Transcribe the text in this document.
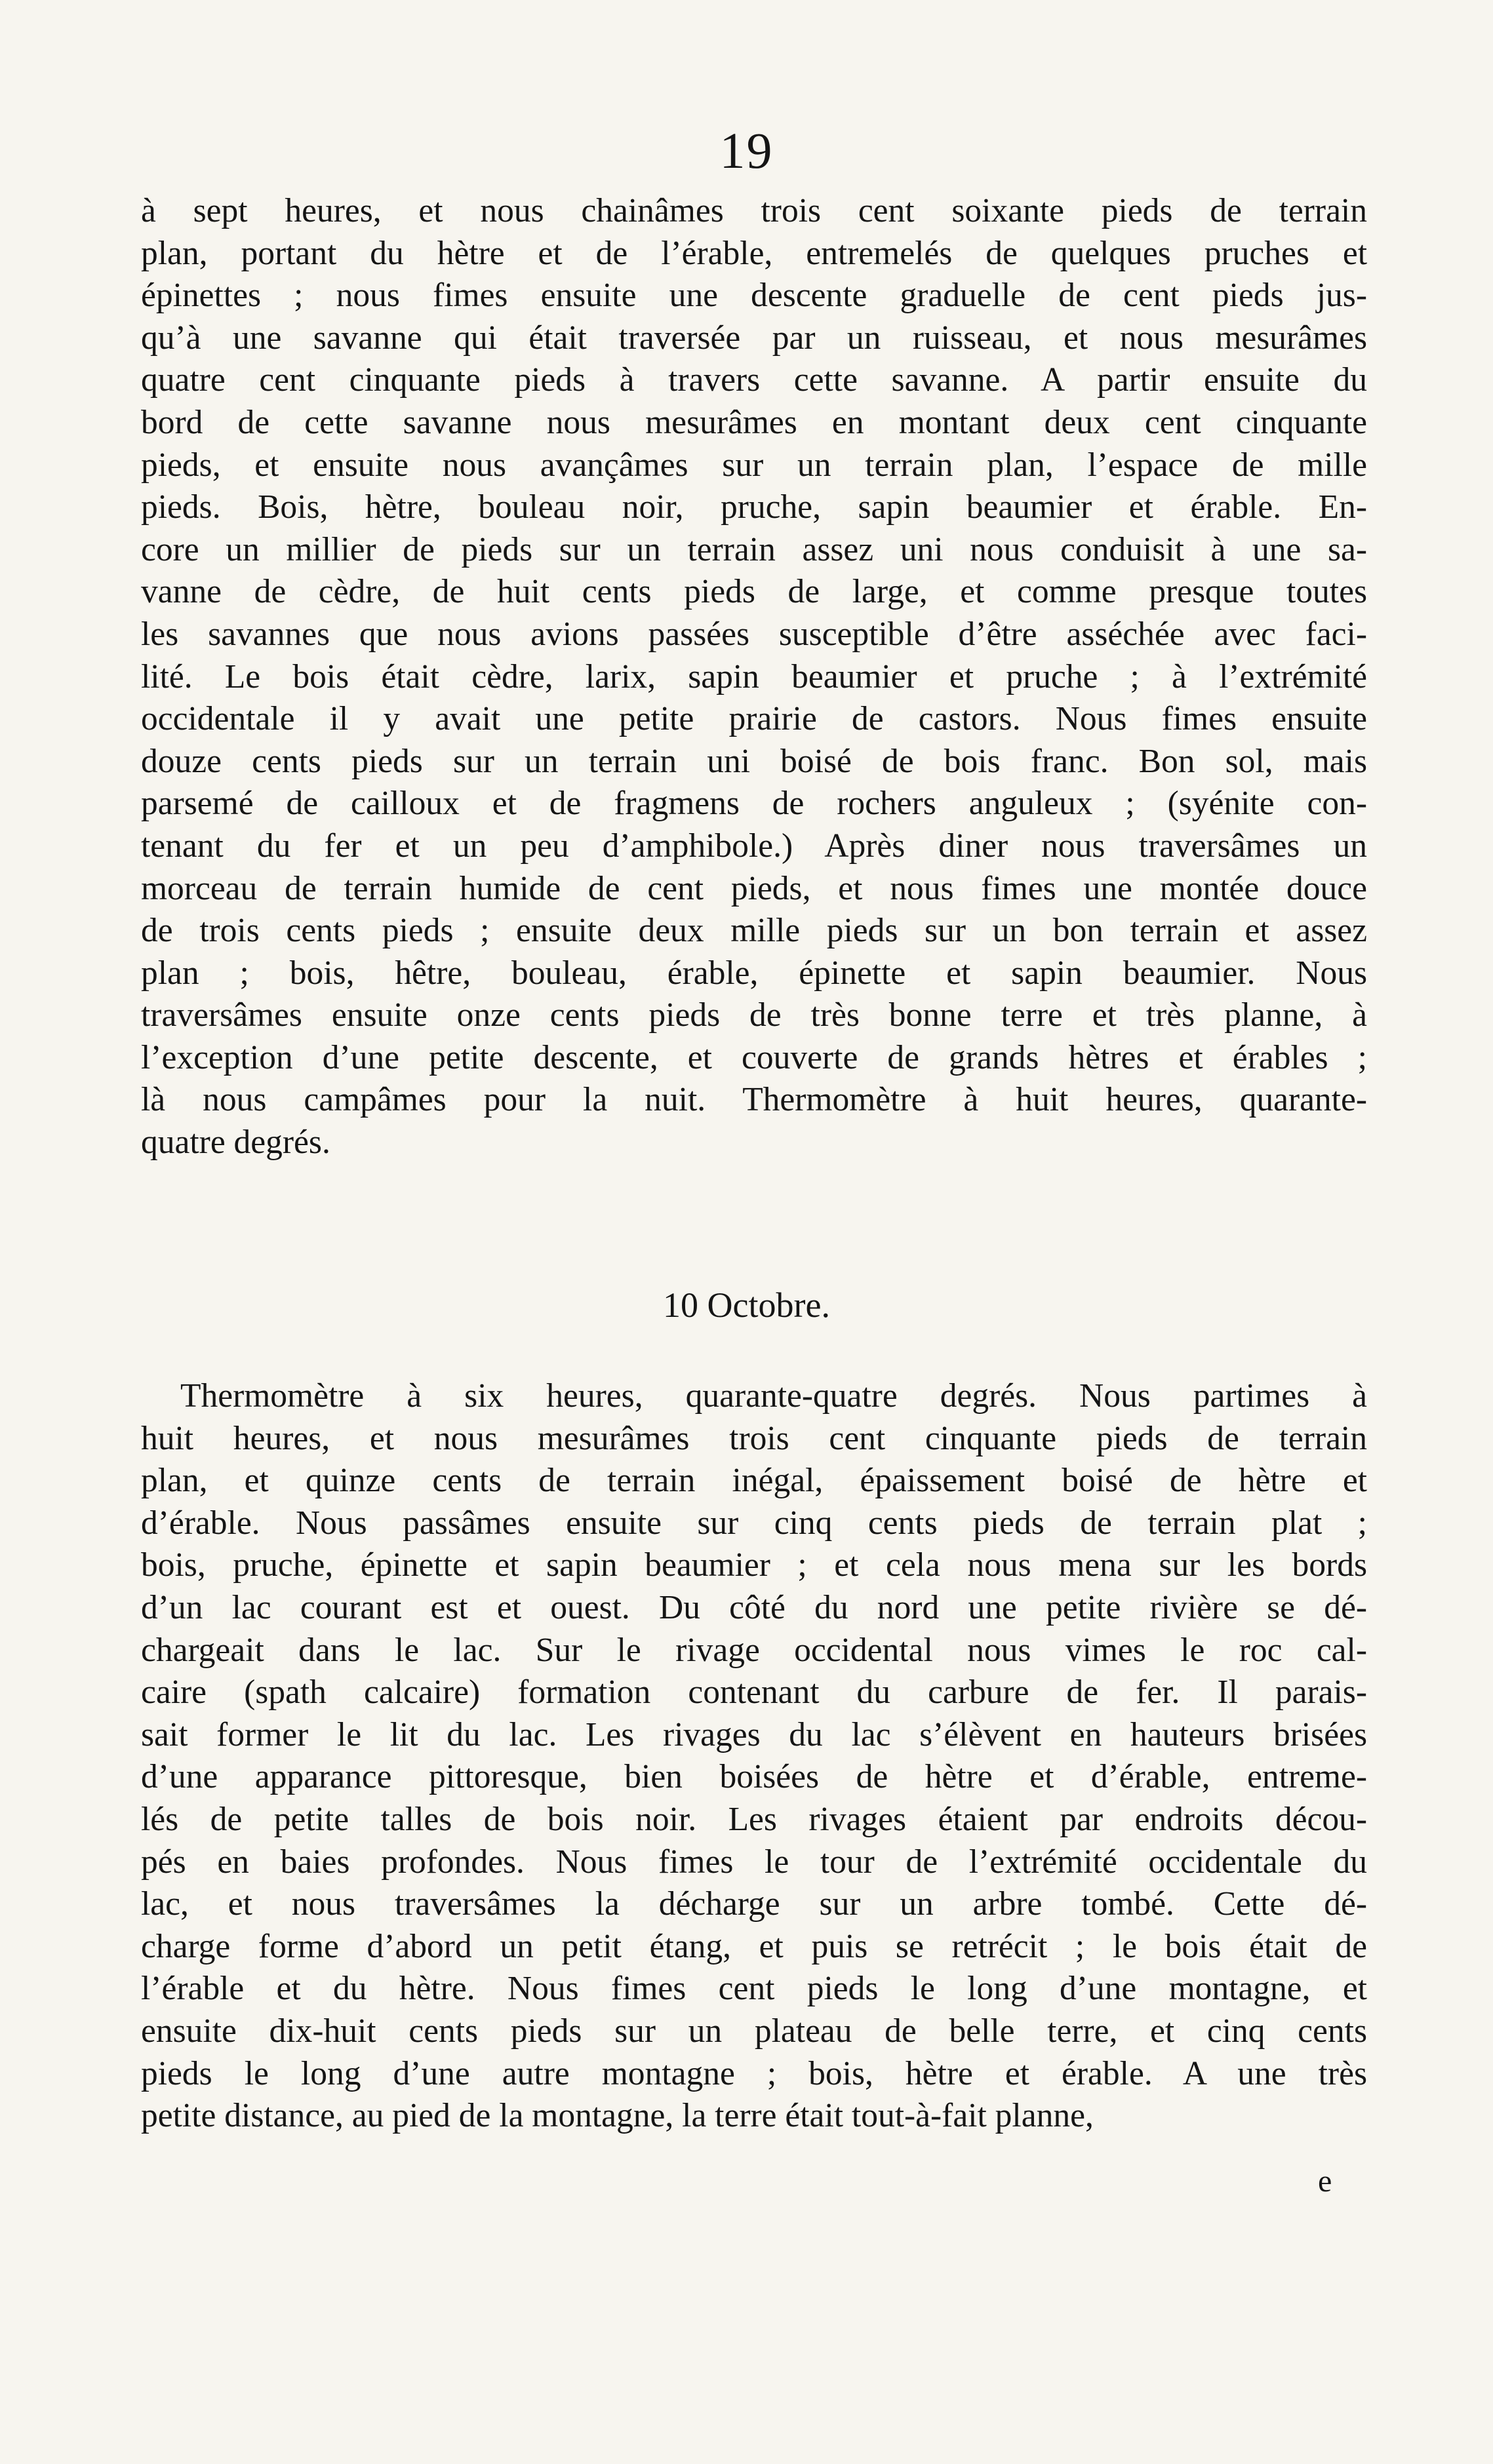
19
à sept heures, et nous chainâmes trois cent soixante pieds de terrain
plan, portant du hètre et de l’érable, entremelés de quelques pruches et
épinettes ; nous fimes ensuite une descente graduelle de cent pieds jus-
qu’à une savanne qui était traversée par un ruisseau, et nous mesurâmes
quatre cent cinquante pieds à travers cette savanne. A partir ensuite du
bord de cette savanne nous mesurâmes en montant deux cent cinquante
pieds, et ensuite nous avançâmes sur un terrain plan, l’espace de mille
pieds. Bois, hètre, bouleau noir, pruche, sapin beaumier et érable. En-
core un millier de pieds sur un terrain assez uni nous conduisit à une sa-
vanne de cèdre, de huit cents pieds de large, et comme presque toutes
les savannes que nous avions passées susceptible d’être asséchée avec faci-
lité. Le bois était cèdre, larix, sapin beaumier et pruche ; à l’extrémité
occidentale il y avait une petite prairie de castors. Nous fimes ensuite
douze cents pieds sur un terrain uni boisé de bois franc. Bon sol, mais
parsemé de cailloux et de fragmens de rochers anguleux ; (syénite con-
tenant du fer et un peu d’amphibole.) Après diner nous traversâmes un
morceau de terrain humide de cent pieds, et nous fimes une montée douce
de trois cents pieds ; ensuite deux mille pieds sur un bon terrain et assez
plan ; bois, hêtre, bouleau, érable, épinette et sapin beaumier. Nous
traversâmes ensuite onze cents pieds de très bonne terre et très planne, à
l’exception d’une petite descente, et couverte de grands hètres et érables ;
là nous campâmes pour la nuit. Thermomètre à huit heures, quarante-
quatre degrés.
10 Octobre.
Thermomètre à six heures, quarante-quatre degrés. Nous partimes à
huit heures, et nous mesurâmes trois cent cinquante pieds de terrain
plan, et quinze cents de terrain inégal, épaissement boisé de hètre et
d’érable. Nous passâmes ensuite sur cinq cents pieds de terrain plat ;
bois, pruche, épinette et sapin beaumier ; et cela nous mena sur les bords
d’un lac courant est et ouest. Du côté du nord une petite rivière se dé-
chargeait dans le lac. Sur le rivage occidental nous vimes le roc cal-
caire (spath calcaire) formation contenant du carbure de fer. Il parais-
sait former le lit du lac. Les rivages du lac s’élèvent en hauteurs brisées
d’une apparance pittoresque, bien boisées de hètre et d’érable, entreme-
lés de petite talles de bois noir. Les rivages étaient par endroits décou-
pés en baies profondes. Nous fimes le tour de l’extrémité occidentale du
lac, et nous traversâmes la décharge sur un arbre tombé. Cette dé-
charge forme d’abord un petit étang, et puis se retrécit ; le bois était de
l’érable et du hètre. Nous fimes cent pieds le long d’une montagne, et
ensuite dix-huit cents pieds sur un plateau de belle terre, et cinq cents
pieds le long d’une autre montagne ; bois, hètre et érable. A une très
petite distance, au pied de la montagne, la terre était tout-à-fait planne,
e
